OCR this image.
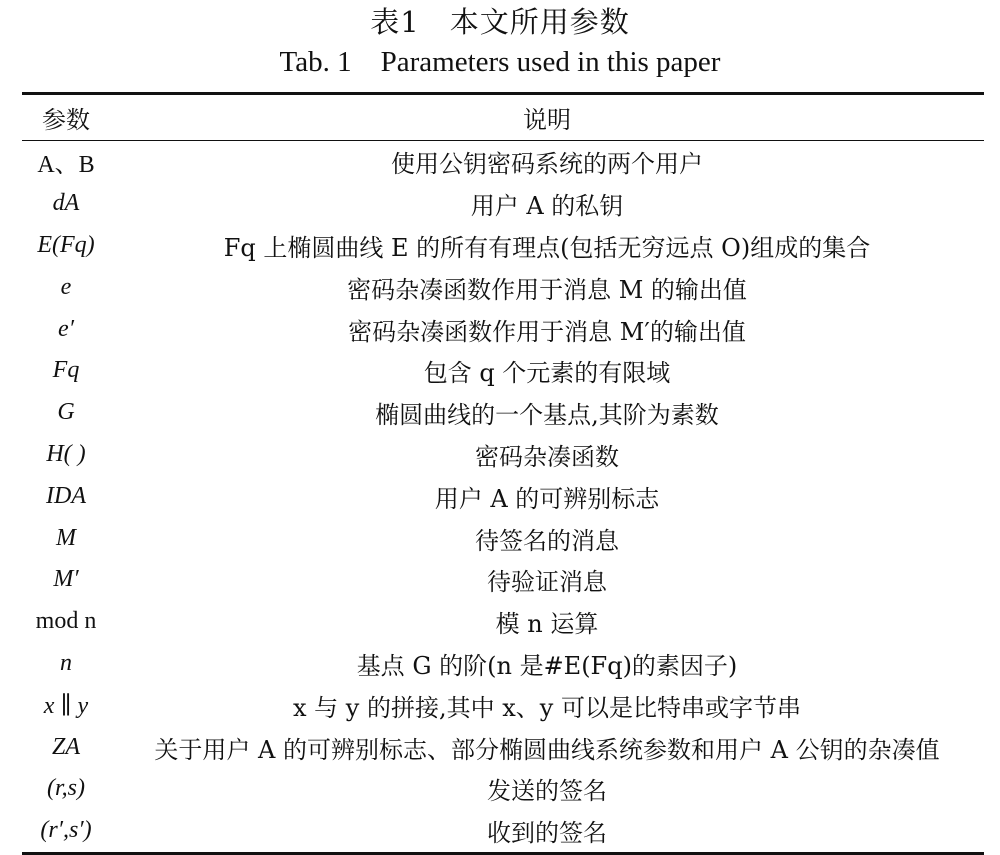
表1　本文所用参数
Tab. 1　Parameters used in this paper
参数	说明
A、B	使用公钥密码系统的两个用户
dA	用户 A 的私钥
E(Fq)	Fq 上椭圆曲线 E 的所有有理点(包括无穷远点 O)组成的集合
e	密码杂凑函数作用于消息 M 的输出值
e′	密码杂凑函数作用于消息 M′的输出值
Fq	包含 q 个元素的有限域
G	椭圆曲线的一个基点,其阶为素数
H( )	密码杂凑函数
IDA	用户 A 的可辨别标志
M	待签名的消息
M′	待验证消息
mod n	模 n 运算
n	基点 G 的阶(n 是#E(Fq)的素因子)
x ∥ y	x 与 y 的拼接,其中 x、y 可以是比特串或字节串
ZA	关于用户 A 的可辨别标志、部分椭圆曲线系统参数和用户 A 公钥的杂凑值
(r,s)	发送的签名
(r′,s′)	收到的签名
